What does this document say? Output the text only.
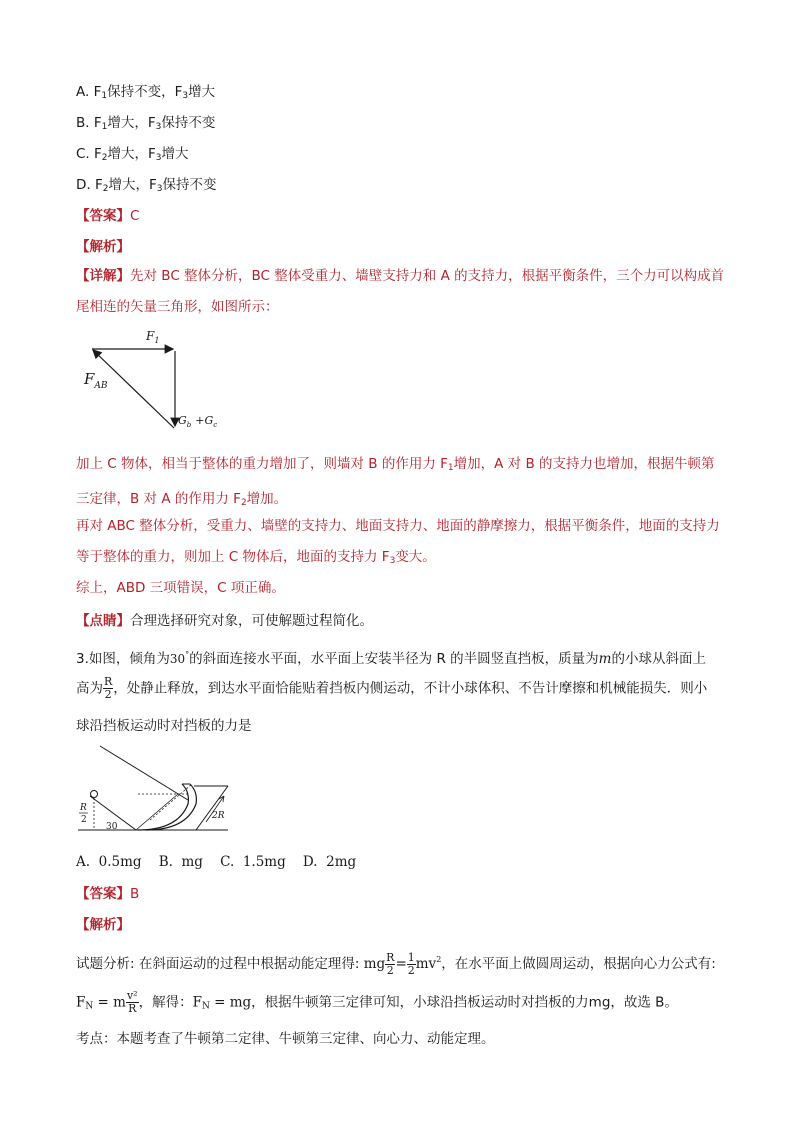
A. $F_1$保持不变，$F_3$增大
B. $F_1$增大，$F_3$保持不变
C. $F_2$增大，$F_3$增大
D. $F_2$增大，$F_3$保持不变
【答案】C
【解析】
【详解】先对 BC 整体分析，BC 整体受重力、墙壁支持力和 A 的支持力，根据平衡条件，三个力可以构成首尾相连的矢量三角形，如图所示：
$F_1$
$F_{AB}$
$G_b +G_c$
加上 C 物体，相当于整体的重力增加了，则墙对 B 的作用力 $F_1$增加，A 对 B 的支持力也增加，根据牛顿第三定律，B 对 A 的作用力 $F_2$增加。
再对 ABC 整体分析，受重力、墙壁的支持力、地面支持力、地面的静摩擦力，根据平衡条件，地面的支持力等于整体的重力，则加上 C 物体后，地面的支持力 $F_3$变大。
综上，ABD 三项错误，C 项正确。
【点睛】合理选择研究对象，可使解题过程简化。
3.如图，倾角为30°的斜面连接水平面，水平面上安装半径为 R 的半圆竖直挡板，质量为m的小球从斜面上
高为 $\frac{R}{2}$ ，处静止释放，到达水平面恰能贴着挡板内侧运动，不计小球体积、不告计摩擦和机械能损失．则小
球沿挡板运动时对挡板的力是
R
2
30
2R
A.  0.5mg    B.  mg    C.  1.5mg    D.  2mg
【答案】B
【解析】
试题分析: 在斜面运动的过程中根据动能定理得: mg $\frac{R}{2} = \frac{1}{2} mv^2$，在水平面上做圆周运动，根据向心力公式有:
$F_N = m \frac{\text{v²}}{R}$ ，解得：$F_N$ = mg，根据牛顿第三定律可知，小球沿挡板运动时对挡板的力mg，故选 B。
考点：本题考查了牛顿第二定律、牛顿第三定律、向心力、动能定理。
